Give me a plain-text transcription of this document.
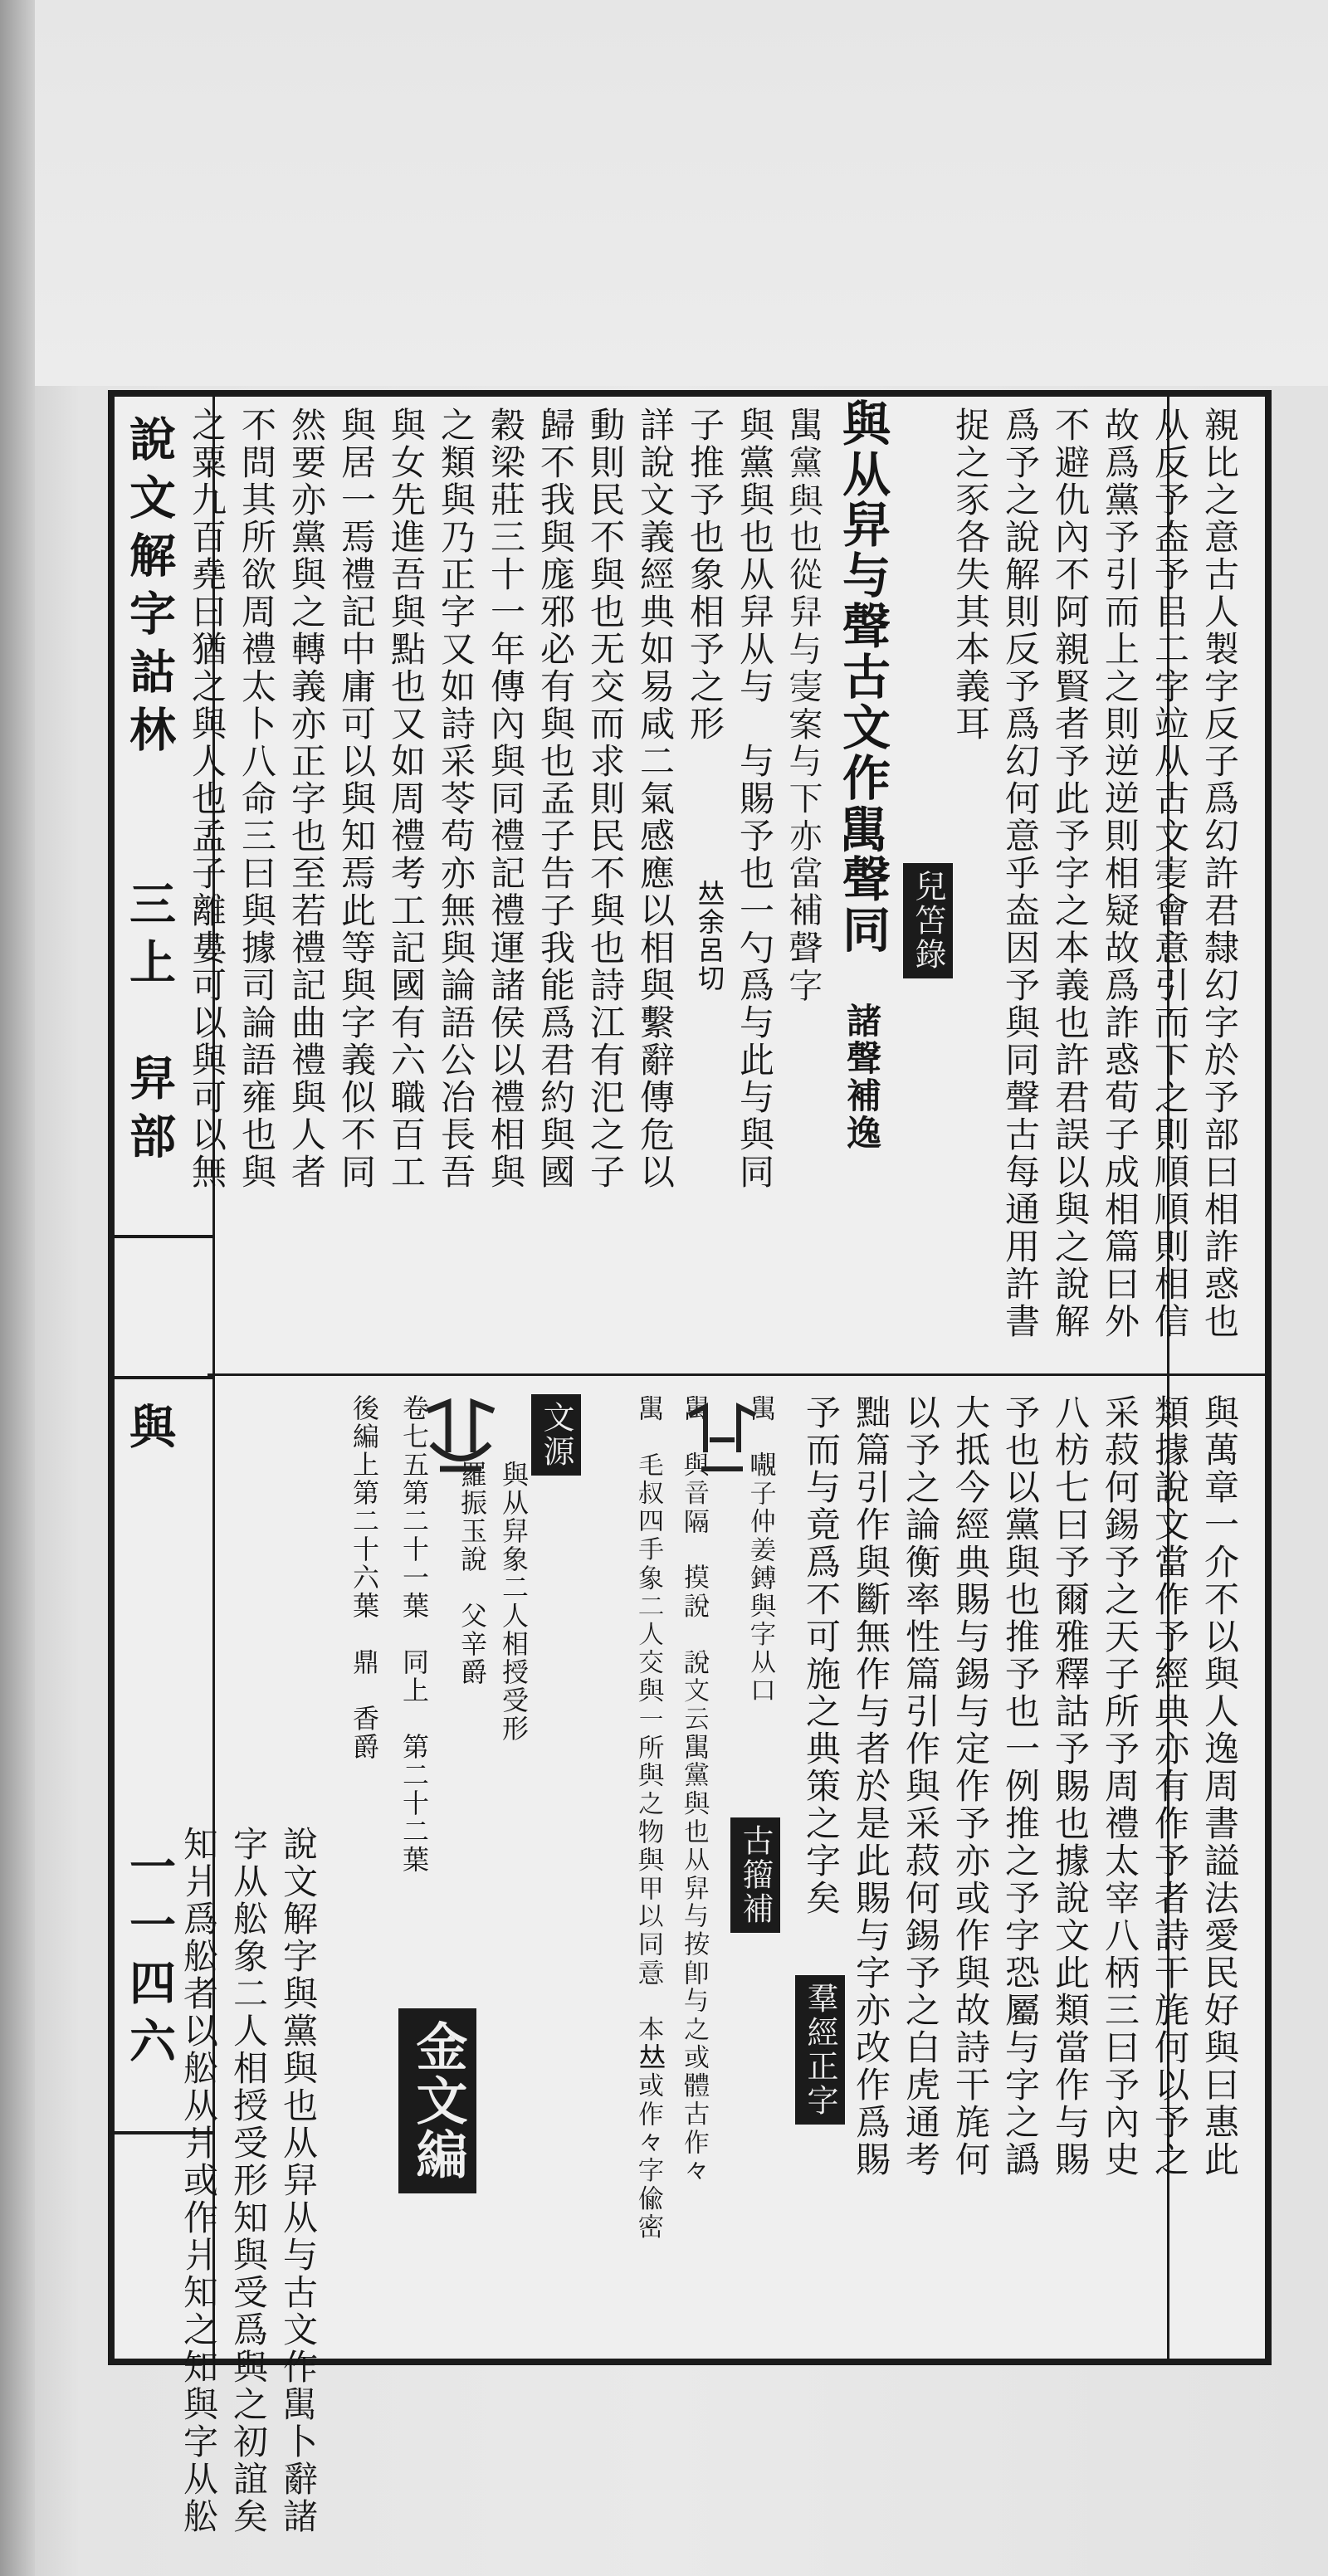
說文解字詁林
三上
舁部
與
一一四六
親比之意古人製字反子爲幻許君隸幻字於予部曰相詐惑也
从反予盇予㠯二字竝从古文𡨊會意引而下之則順順則相信
故爲黨予引而上之則逆逆則相疑故爲詐惑荀子成相篇曰外
不避仇內不阿親賢者予此予字之本義也許君誤以與之說解
爲予之說解則反予爲幻何意乎盇因予與同聲古每通用許書
捉之豕各失其本義耳
兒笘錄
與从舁与聲古文作𦦔聲同
諸聲補逸
𦦔黨與也從舁与𡨊案与下亦當補聲字
與黨與也从舁从与　与賜予也一勺爲与此与與同
子推予也象相予之形
𠀤余呂切
詳說文義經典如易咸二氣感應以相與繫辭傳危以
動則民不與也无交而求則民不與也詩江有汜之子
歸不我與庬邪必有與也孟子告子我能爲君約與國
穀梁莊三十一年傳內與同禮記禮運諸侯以禮相與
之類與乃正字又如詩采苓苟亦無與論語公冶長吾
與女先進吾與點也又如周禮考工記國有六職百工
與居一焉禮記中庸可以與知焉此等與字義似不同
然要亦黨與之轉義亦正字也至若禮記曲禮與人者
不問其所欲周禮太卜八命三曰與據司論語雍也與
之粟九百堯曰猶之與人也孟子離婁可以與可以無
與萬章一介不以與人逸周書謚法愛民好與曰惠此
類據說文當作予經典亦有作予者詩干旄何以予之
采菽何錫予之天子所予周禮太宰八柄三曰予內史
八枋七曰予爾雅釋詁予賜也據說文此類當作与賜
予也以黨與也推予也一例推之予字恐屬与字之譌
大抵今經典賜与錫与定作予亦或作與故詩干旄何
以予之論衡率性篇引作與采菽何錫予之白虎通考
黜篇引作與斷無作与者於是此賜与字亦改作爲賜
予而与竟爲不可施之典策之字矣
羣經正字
𦦔　𡃁子仲姜鎛與字从口
古籀補
𦦔　與音隔　摸説　說文云𦦔黨與也从舁与按即与之或體古作𠚤
𦦔　毛叔四手象二人交與一所與之物與甲以同意　本𠀤或作𠚤字偷密
文源
與从舁象二人相授受形
羅振玉說　父辛爵
卷七五第二十一葉　同上　第二十二葉
後編上第二十六葉　鼎　香爵
金文編
說文解字與黨與也从舁从与古文作𦦔卜辭諸
字从舩象二人相授受形知與受爲與之初誼矣
知爿爲舩者以舩从爿或作爿知之知與字从舩
